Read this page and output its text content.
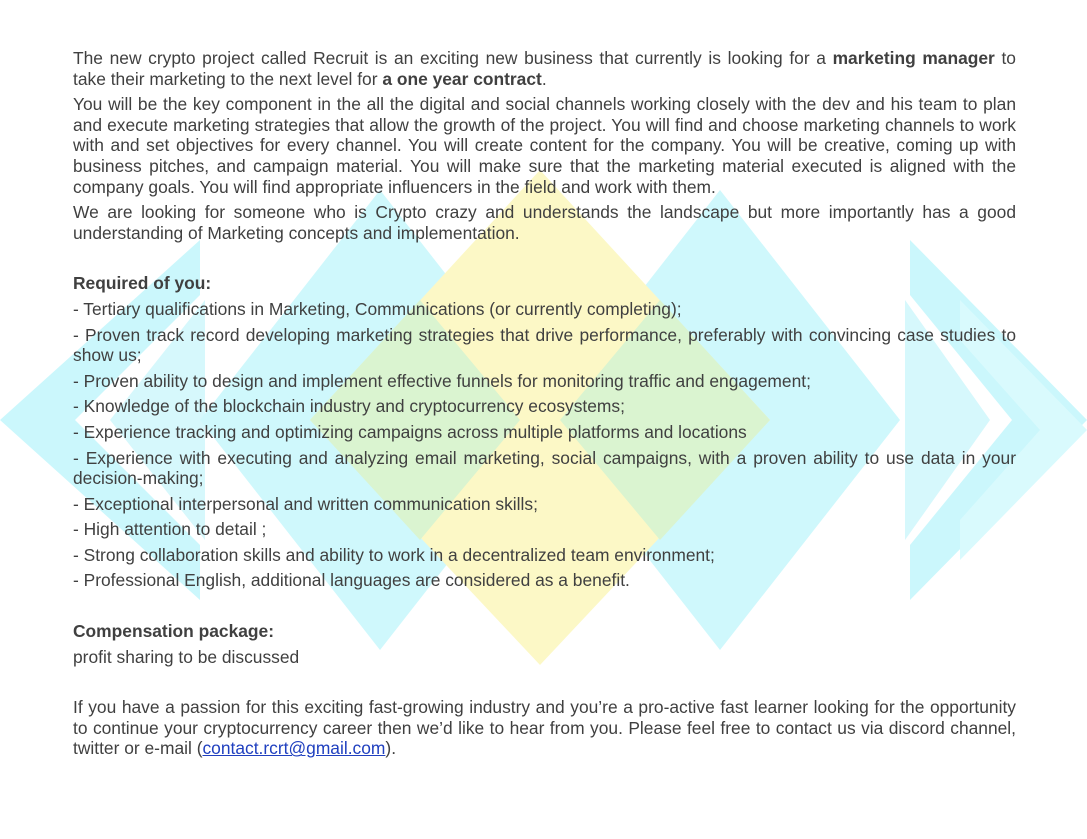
The new crypto project called Recruit is an exciting new business that currently is looking for a marketing manager to take their marketing to the next level for a one year contract.

You will be the key component in the all the digital and social channels working closely with the dev and his team to plan and execute marketing strategies that allow the growth of the project. You will find and choose marketing channels to work with and set objectives for every channel. You will create content for the company. You will be creative, coming up with business pitches, and campaign material. You will make sure that the marketing material executed is aligned with the company goals. You will find appropriate influencers in the field and work with them.

We are looking for someone who is Crypto crazy and understands the landscape but more importantly has a good understanding of Marketing concepts and implementation.

Required of you:

- Tertiary qualifications in Marketing, Communications (or currently completing);
- Proven track record developing marketing strategies that drive performance, preferably with convincing case studies to show us;
- Proven ability to design and implement effective funnels for monitoring traffic and engagement;
- Knowledge of the blockchain industry and cryptocurrency ecosystems;
- Experience tracking and optimizing campaigns across multiple platforms and locations
- Experience with executing and analyzing email marketing, social campaigns, with a proven ability to use data in your decision-making;
- Exceptional interpersonal and written communication skills;
- High attention to detail ;
- Strong collaboration skills and ability to work in a decentralized team environment;
- Professional English, additional languages are considered as a benefit.

Compensation package:

profit sharing to be discussed

If you have a passion for this exciting fast-growing industry and you’re a pro-active fast learner looking for the opportunity to continue your cryptocurrency career then we’d like to hear from you. Please feel free to contact us via discord channel, twitter or e-mail (contact.rcrt@gmail.com).
